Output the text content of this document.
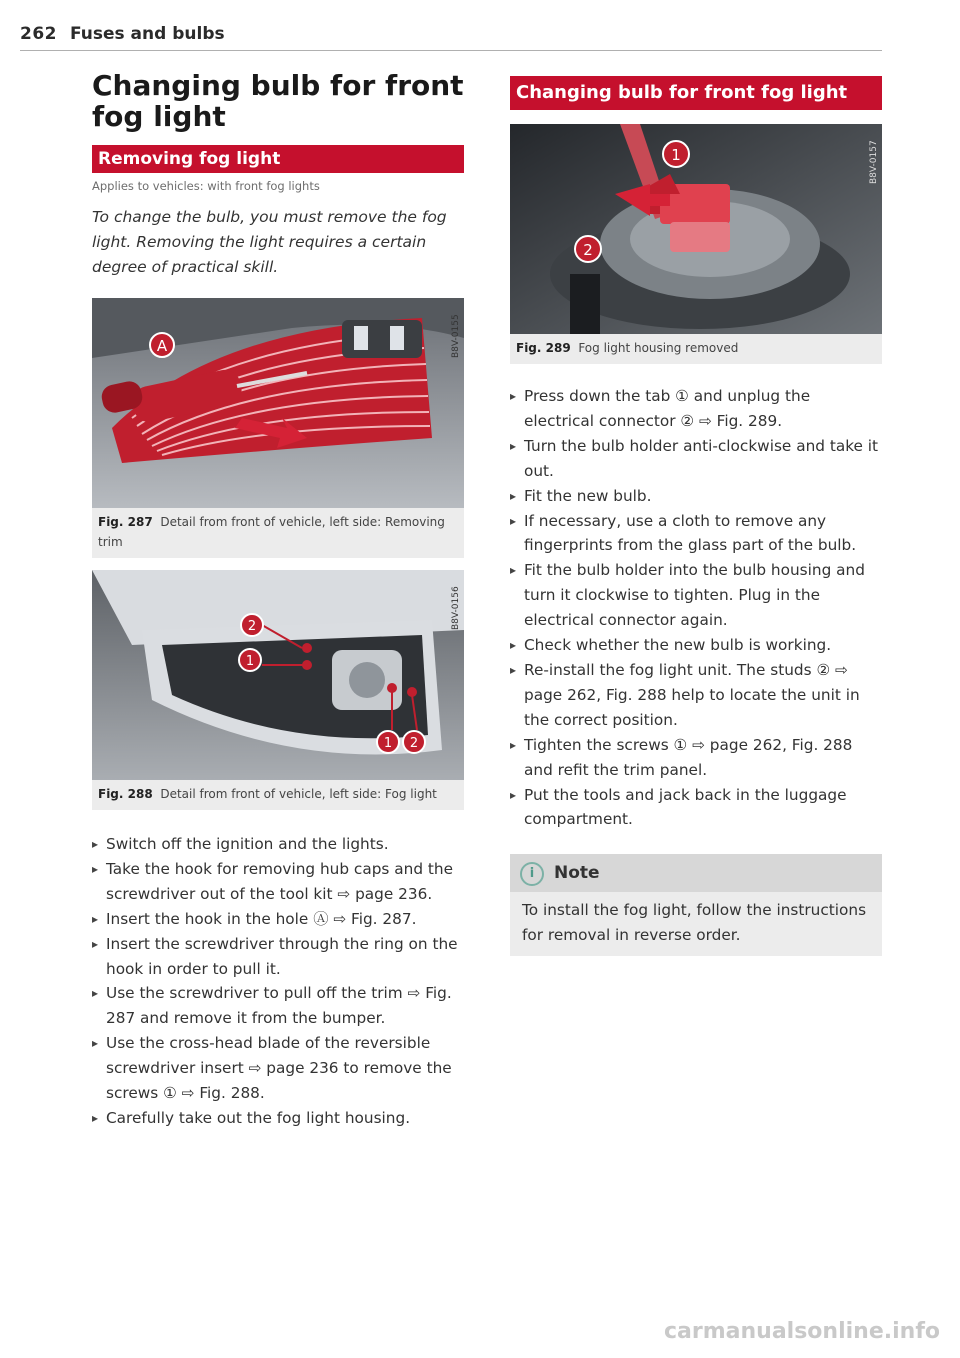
262 Fuses and bulbs
Changing bulb for front
fog light
Removing fog light
Applies to vehicles: with front fog lights
To change the bulb, you must remove the fog light. Removing the light requires a certain degree of practical skill.
A	B8V-0155
Fig. 287 Detail from front of vehicle, left side: Removing trim
2
1
1 2
B8V-0156
Fig. 288 Detail from front of vehicle, left side: Fog light
▸ Switch off the ignition and the lights.
▸ Take the hook for removing hub caps and the screwdriver out of the tool kit ⇨ page 236.
▸ Insert the hook in the hole Ⓐ ⇨ Fig. 287.
▸ Insert the screwdriver through the ring on the hook in order to pull it.
▸ Use the screwdriver to pull off the trim ⇨ Fig. 287 and remove it from the bumper.
▸ Use the cross-head blade of the reversible screwdriver insert ⇨ page 236 to remove the screws ① ⇨ Fig. 288.
▸ Carefully take out the fog light housing.
Changing bulb for front fog light
1
2
B8V-0157
Fig. 289 Fog light housing removed
▸ Press down the tab ① and unplug the electrical connector ② ⇨ Fig. 289.
▸ Turn the bulb holder anti-clockwise and take it out.
▸ Fit the new bulb.
▸ If necessary, use a cloth to remove any fingerprints from the glass part of the bulb.
▸ Fit the bulb holder into the bulb housing and turn it clockwise to tighten. Plug in the electrical connector again.
▸ Check whether the new bulb is working.
▸ Re-install the fog light unit. The studs ② ⇨ page 262, Fig. 288 help to locate the unit in the correct position.
▸ Tighten the screws ① ⇨ page 262, Fig. 288 and refit the trim panel.
▸ Put the tools and jack back in the luggage compartment.
i Note
To install the fog light, follow the instructions for removal in reverse order.
carmanualsonline.info
